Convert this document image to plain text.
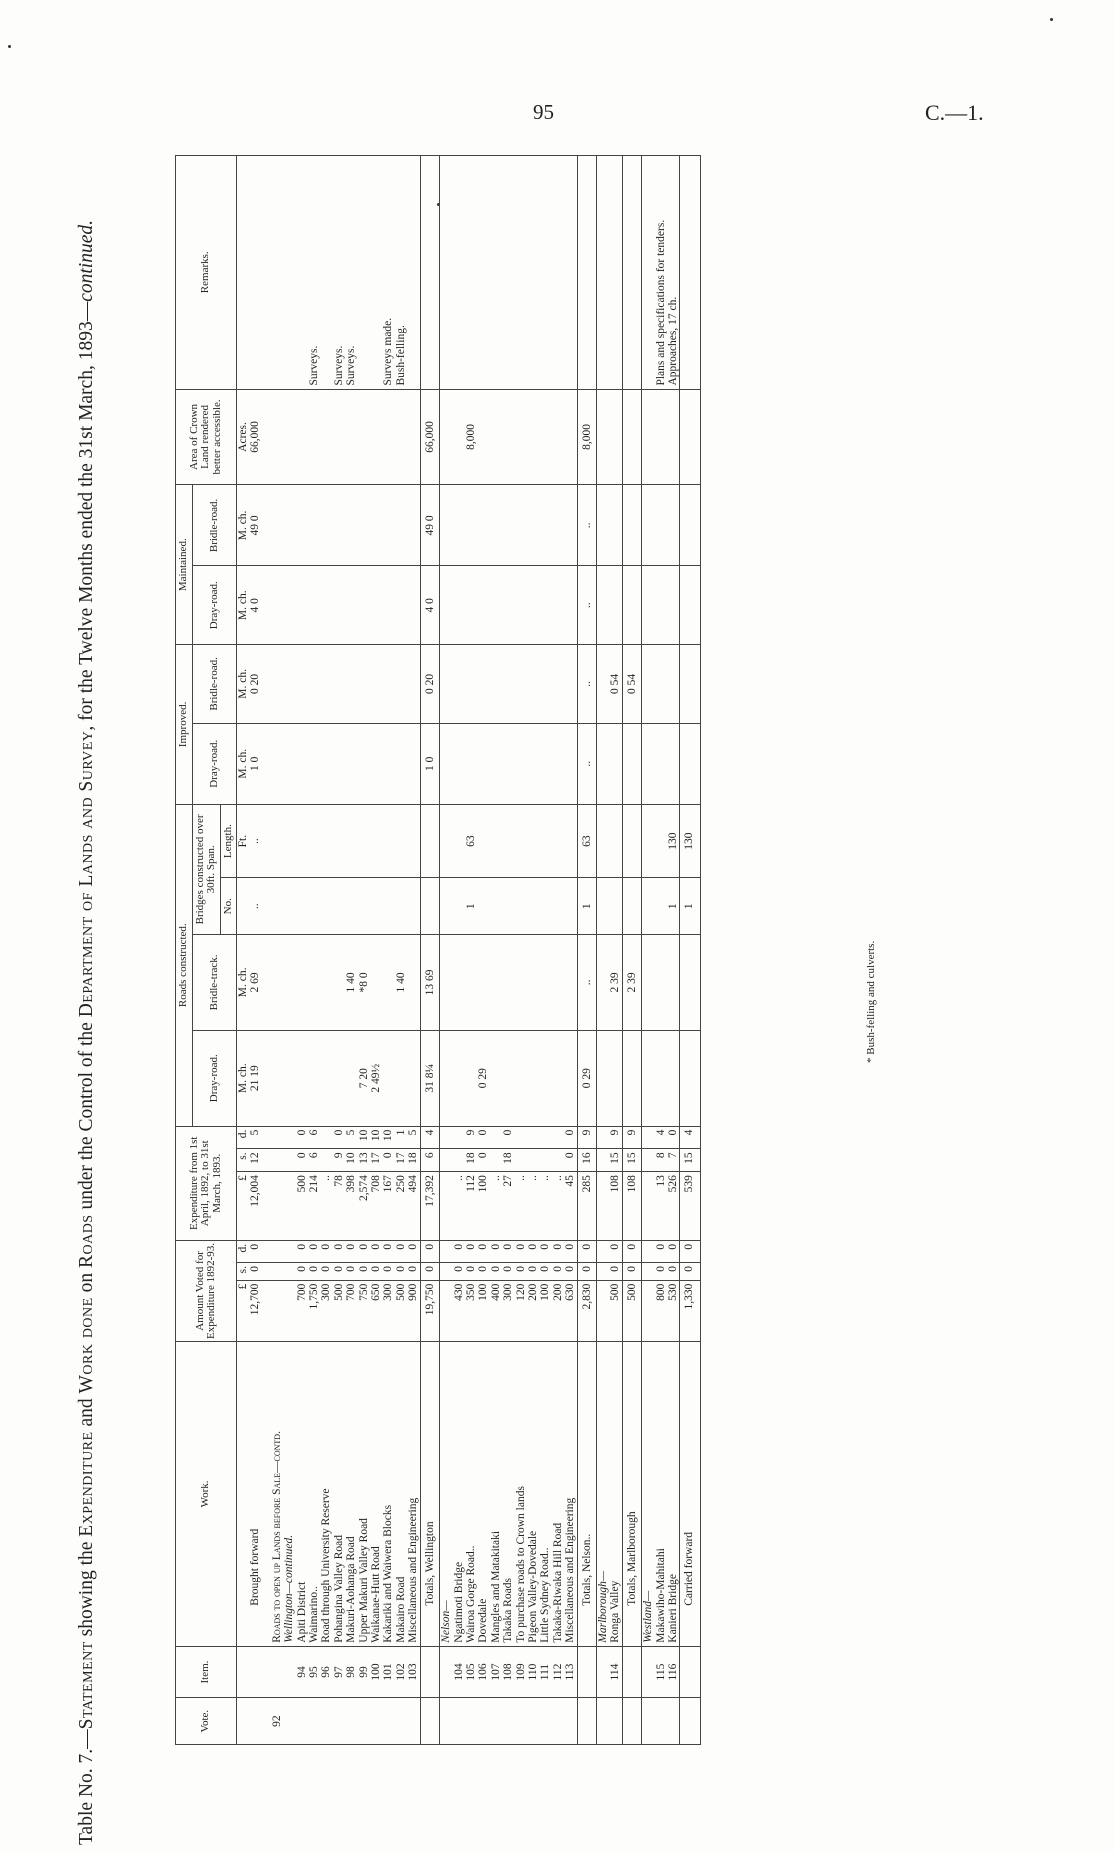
95	C.—1.
Table No. 7.—Statement showing the Expenditure and Work done on Roads under the Control of the Department of Lands and Survey, for the Twelve Months ended the 31st March, 1893—continued.
Vote.	Item.	Work.	Amount Voted for Expenditure 1892-93.			Expenditure from 1st April, 1892, to 31st March, 1893.			Roads constructed.				Improved.		Maintained.		Area of Crown Land rendered better accessible.	Remarks.
									Dray-road.	Bridle-track.	Bridges constructed over 30ft. Span.		Dray-road.	Bridle-road.	Dray-road.	Bridle-road.		
											No.	Length.						
			£	s.	d.	£	s.	d.	M. ch.	M. ch.		Ft.	M. ch.	M. ch.	M. ch.	M. ch.	Acres.	
		Brought forward	12,700	0	0	12,004	12	5	21 19	2 69	..	..	1 0	0 20	4 0	49 0	66,000	

92		Roads to open up Lands before Sale—contd.																
		Wellington—continued.																
	94	Apiti District	700	0	0	500	0	0										
	95	Waimarino..	1,750	0	0	214	6	6										Surveys.
	96	Road through University Reserve	300	0	0	..												
	97	Pohangina Valley Road	500	0	0	78	9	0										Surveys.
	98	Makuri-Aohanga Road	700	0	0	398	10	5		1 40								Surveys.
	99	Upper Makuri Valley Road	750	0	0	2,574	13	10	7 20	*8 0								
	100	Waikanae-Hutt Road	650	0	0	708	17	10	2 49½									
	101	Kakariki and Waiwera Blocks	300	0	0	167	0	10										Surveys made.
	102	Makairo Road	500	0	0	250	17	1		1 40								Bush-felling.
	103	Miscellaneous and Engineering	900	0	0	494	18	5										
		Totals, Wellington	19,750	0	0	17,392	6	4	31 8¼	13 69			1 0	0 20	4 0	49 0	66,000	
		Nelson—																
	104	Ngatimoti Bridge	430	0	0	..												
	105	Wairoa Gorge Road..	350	0	0	112	18	9			1	63					8,000	
	106	Dovedale	100	0	0	100	0	0	0 29									
	107	Mangles and Matakitaki	400	0	0	..												
	108	Takaka Roads	300	0	0	27	18	0										
	109	To purchase roads to Crown lands	120	0	0	..												
	110	Pigeon Valley-Dovedale	200	0	0	..												
	111	Little Sydney Road..	100	0	0	..												
	112	Takaka-Riwaka Hill Road	200	0	0	..												
	113	Miscellaneous and Engineering	630	0	0	45	0	0										
		Totals, Nelson..	2,830	0	0	285	16	9	0 29	..	1	63	..	..	..	..	8,000	
		Marlborough—																
	114	Ronga Valley	500	0	0	108	15	9		2 39				0 54				
		Totals, Marlborough	500	0	0	108	15	9		2 39				0 54				
		Westland—																
	115	Makawiho-Mahitahi	800	0	0	13	8	4										Plans and specifications for tenders.
	116	Kanieri Bridge	530	0	0	526	7	0			1	130						Approaches, 17 ch.
		Carried forward	1,330	0	0	539	15	4			1	130						
* Bush-felling and culverts.
